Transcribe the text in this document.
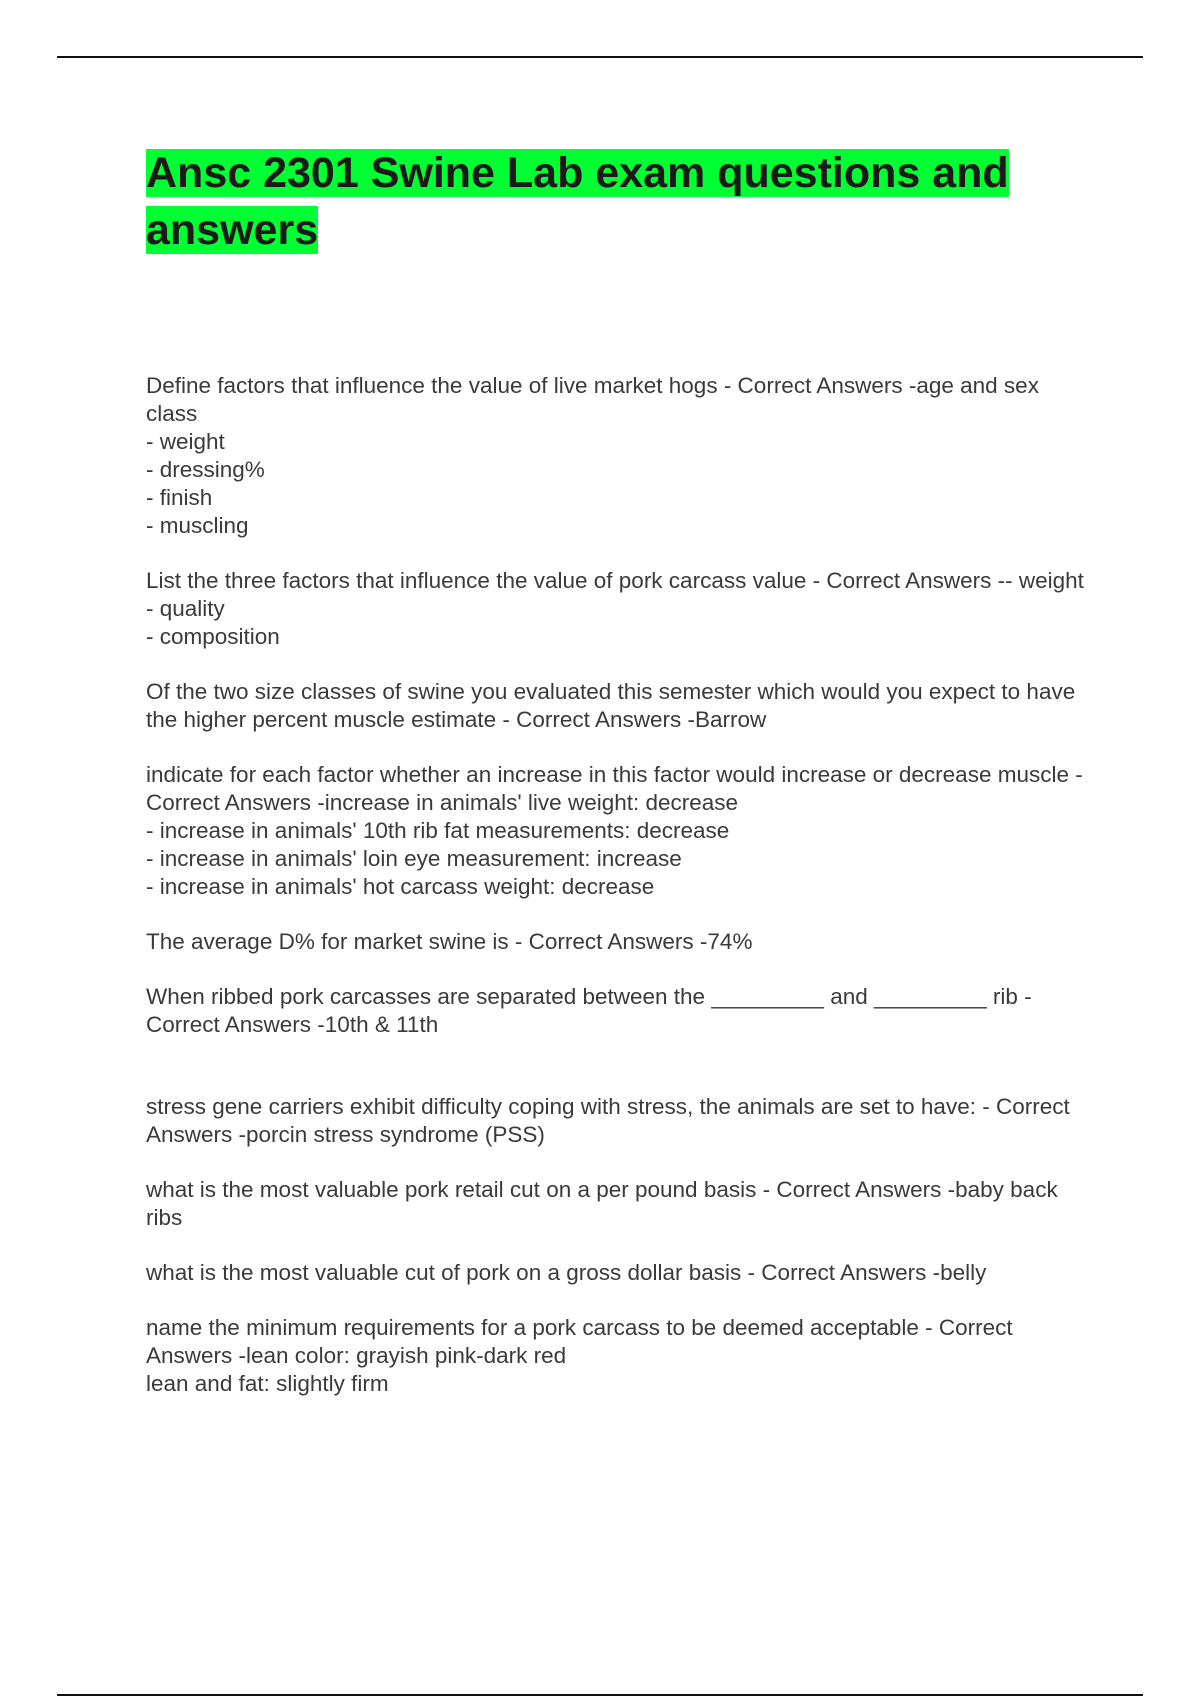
Ansc 2301 Swine Lab exam questions and answers

Define factors that influence the value of live market hogs - Correct Answers -age and sex class
- weight
- dressing%
- finish
- muscling

List the three factors that influence the value of pork carcass value - Correct Answers -- weight
- quality
- composition

Of the two size classes of swine you evaluated this semester which would you expect to have the higher percent muscle estimate - Correct Answers -Barrow

indicate for each factor whether an increase in this factor would increase or decrease muscle - Correct Answers -increase in animals' live weight: decrease
- increase in animals' 10th rib fat measurements: decrease
- increase in animals' loin eye measurement: increase
- increase in animals' hot carcass weight: decrease

The average D% for market swine is - Correct Answers -74%

When ribbed pork carcasses are separated between the _________ and _________ rib - Correct Answers -10th & 11th

stress gene carriers exhibit difficulty coping with stress, the animals are set to have: - Correct Answers -porcin stress syndrome (PSS)

what is the most valuable pork retail cut on a per pound basis - Correct Answers -baby back ribs

what is the most valuable cut of pork on a gross dollar basis - Correct Answers -belly

name the minimum requirements for a pork carcass to be deemed acceptable - Correct Answers -lean color: grayish pink-dark red
lean and fat: slightly firm
